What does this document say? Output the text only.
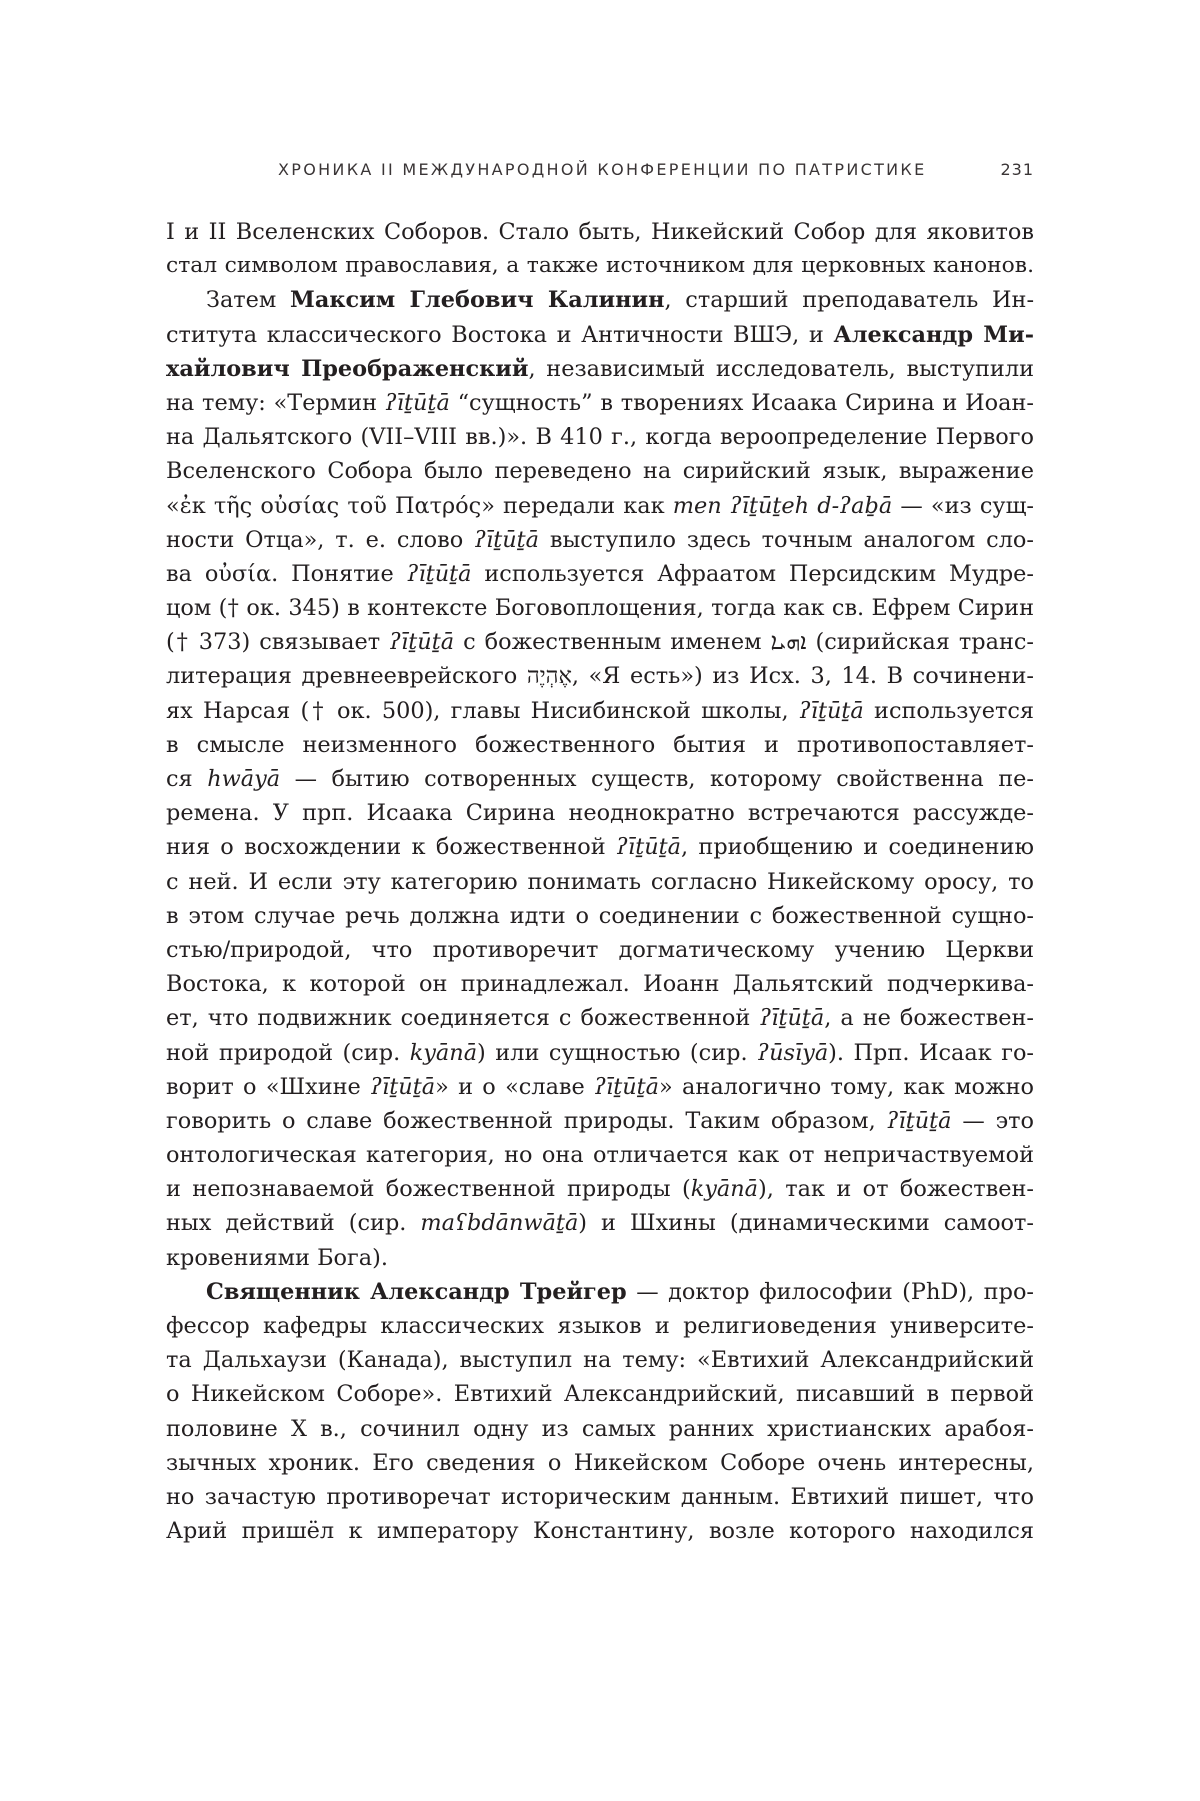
ХРОНИКА II МЕЖДУНАРОДНОЙ КОНФЕРЕНЦИИ ПО ПАТРИСТИКЕ	231
I и II Вселенских Соборов. Стало быть, Никейский Собор для яковитов
стал символом православия, а также источником для церковных канонов.
Затем Максим Глебович Калинин, старший преподаватель Ин-
ститута классического Востока и Античности ВШЭ, и Александр Ми-
хайлович Преображенский, независимый исследователь, выступили
на тему: «Термин ʔīṯūṯā “сущность” в творениях Исаака Сирина и Иоан-
на Дальятского (VII–VIII вв.)». В 410 г., когда вероопределение Первого
Вселенского Собора было переведено на сирийский язык, выражение
«ἐκ τῆς οὐσίας τοῦ Πατρός» передали как men ʔīṯūṯeh d-ʔaḇā — «из сущ-
ности Отца», т. е. слово ʔīṯūṯā выступило здесь точным аналогом сло-
ва οὐσία. Понятие ʔīṯūṯā используется Афраатом Персидским Мудре-
цом († ок. 345) в контексте Боговоплощения, тогда как св. Ефрем Сирин
(† 373) связывает ʔīṯūṯā с божественным именем ܐܗܝܐ (сирийская транс-
литерация древнееврейского אֶהְיֶה, «Я есть») из Исх. 3, 14. В сочинени-
ях Нарсая († ок. 500), главы Нисибинской школы, ʔīṯūṯā используется
в смысле неизменного божественного бытия и противопоставляет-
ся hwāyā — бытию сотворенных существ, которому свойственна пе-
ремена. У прп. Исаака Сирина неоднократно встречаются рассужде-
ния о восхождении к божественной ʔīṯūṯā, приобщению и соединению
с ней. И если эту категорию понимать согласно Никейскому оросу, то
в этом случае речь должна идти о соединении с божественной сущно-
стью/природой, что противоречит догматическому учению Церкви
Востока, к которой он принадлежал. Иоанн Дальятский подчеркива-
ет, что подвижник соединяется с божественной ʔīṯūṯā, а не божествен-
ной природой (сир. kyānā) или сущностью (сир. ʔūsīyā). Прп. Исаак го-
ворит о «Шхине ʔīṯūṯā» и о «славе ʔīṯūṯā» аналогично тому, как можно
говорить о славе божественной природы. Таким образом, ʔīṯūṯā — это
онтологическая категория, но она отличается как от непричаствуемой
и непознаваемой божественной природы (kyānā), так и от божествен-
ных действий (сир. maʕbdānwāṯā) и Шхины (динамическими самоот-
кровениями Бога).
Священник Александр Трейгер — доктор философии (PhD), про-
фессор кафедры классических языков и религиоведения университе-
та Дальхаузи (Канада), выступил на тему: «Евтихий Александрийский
о Никейском Соборе». Евтихий Александрийский, писавший в первой
половине X в., сочинил одну из самых ранних христианских арабоя-
зычных хроник. Его сведения о Никейском Соборе очень интересны,
но зачастую противоречат историческим данным. Евтихий пишет, что
Арий пришёл к императору Константину, возле которого находился
